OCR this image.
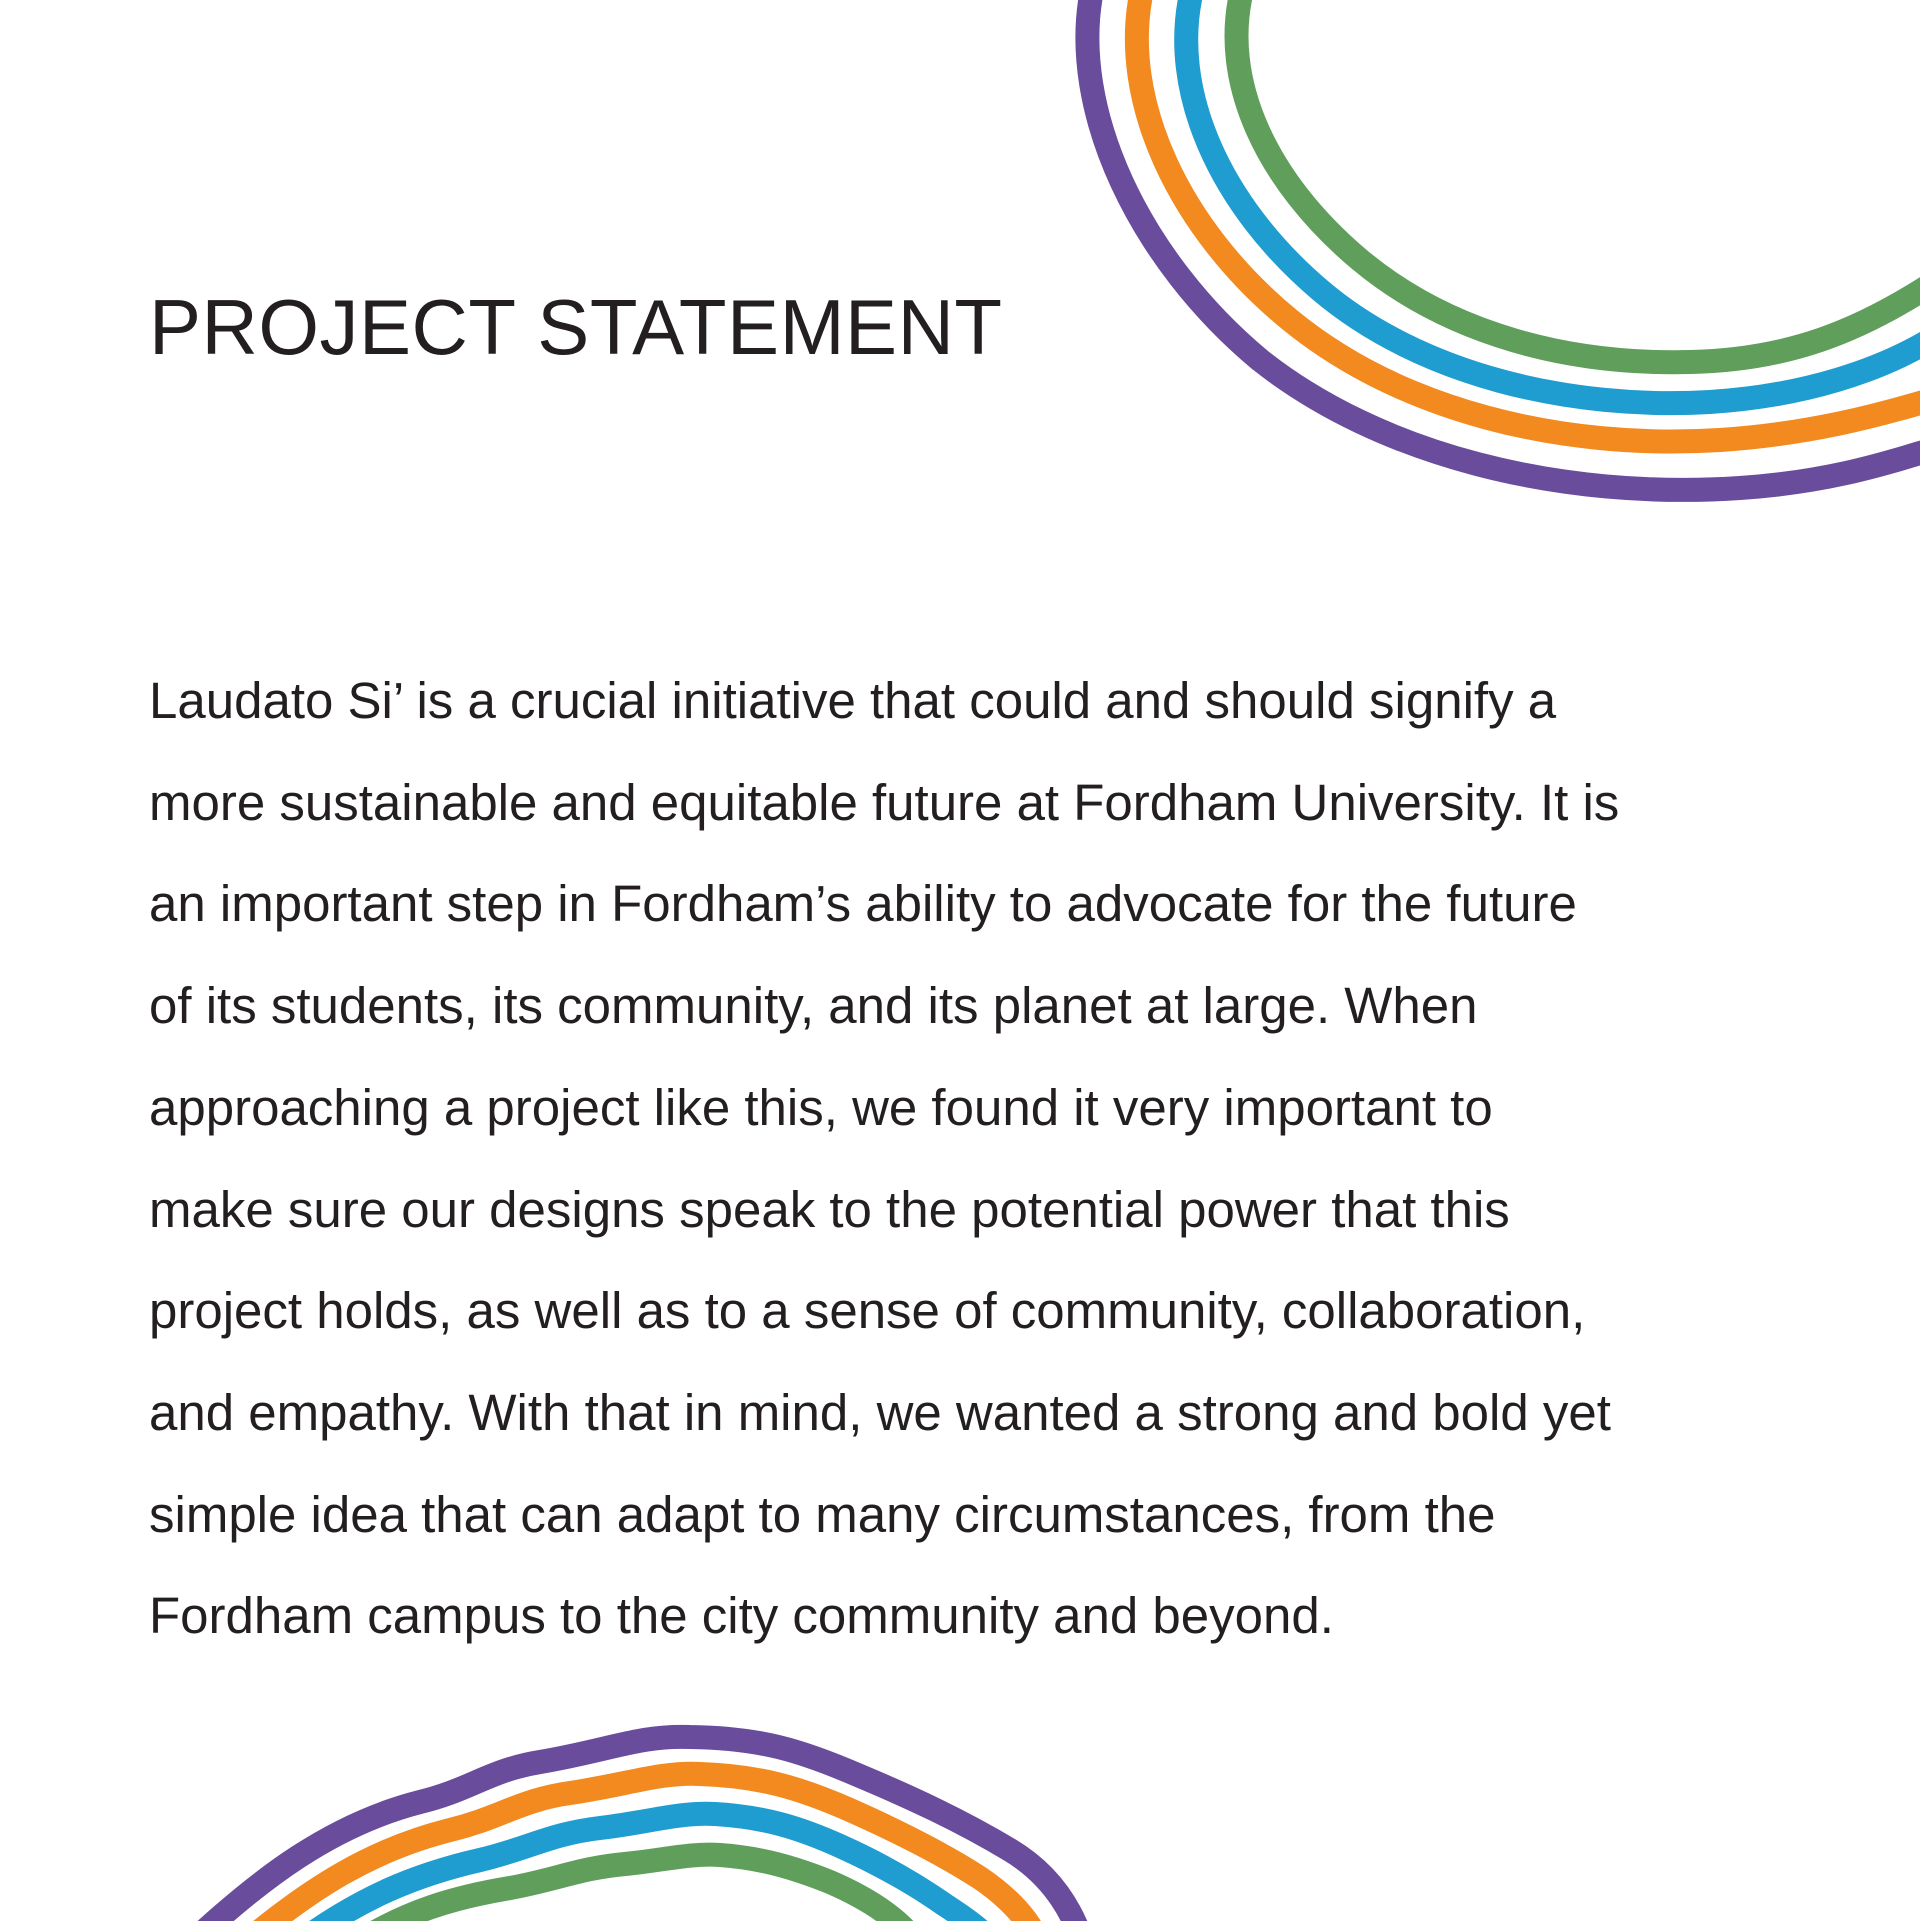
PROJECT STATEMENT
Laudato Si’ is a crucial initiative that could and should signify a
more sustainable and equitable future at Fordham University. It is
an important step in Fordham’s ability to advocate for the future
of its students, its community, and its planet at large. When
approaching a project like this, we found it very important to
make sure our designs speak to the potential power that this
project holds, as well as to a sense of community, collaboration,
and empathy. With that in mind, we wanted a strong and bold yet
simple idea that can adapt to many circumstances, from the
Fordham campus to the city community and beyond.
